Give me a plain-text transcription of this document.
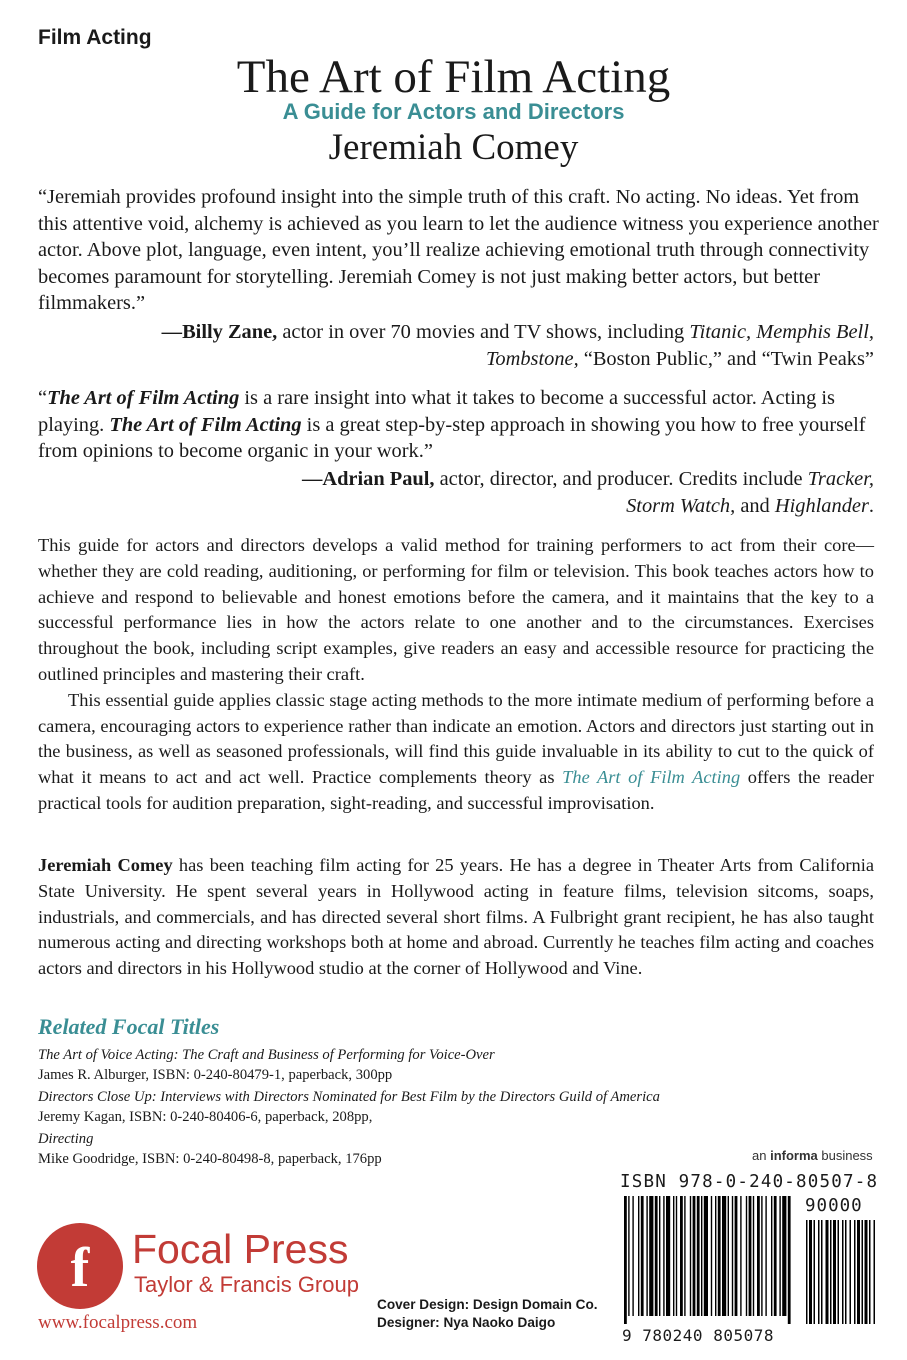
Film Acting
The Art of Film Acting
A Guide for Actors and Directors
Jeremiah Comey
“Jeremiah provides profound insight into the simple truth of this craft. No acting. No ideas. Yet from this attentive void, alchemy is achieved as you learn to let the audience witness you experience another actor. Above plot, language, even intent, you’ll realize achieving emotional truth through connectivity becomes paramount for storytelling. Jeremiah Comey is not just making better actors, but better filmmakers.”
—Billy Zane, actor in over 70 movies and TV shows, including Titanic, Memphis Bell,
Tombstone, “Boston Public,” and “Twin Peaks”
“The Art of Film Acting is a rare insight into what it takes to become a successful actor. Acting is playing. The Art of Film Acting is a great step-by-step approach in showing you how to free yourself from opinions to become organic in your work.”
—Adrian Paul, actor, director, and producer. Credits include Tracker,
Storm Watch, and Highlander.

This guide for actors and directors develops a valid method for training performers to act from their core—whether they are cold reading, auditioning, or performing for film or television. This book teaches actors how to achieve and respond to believable and honest emotions before the camera, and it maintains that the key to a successful performance lies in how the actors relate to one another and to the circumstances. Exercises throughout the book, including script examples, give readers an easy and accessible resource for practicing the outlined principles and mastering their craft.

This essential guide applies classic stage acting methods to the more intimate medium of performing before a camera, encouraging actors to experience rather than indicate an emotion. Actors and directors just starting out in the business, as well as seasoned professionals, will find this guide invaluable in its ability to cut to the quick of what it means to act and act well. Practice complements theory as The Art of Film Acting offers the reader practical tools for audition preparation, sight-reading, and successful improvisation.

Jeremiah Comey has been teaching film acting for 25 years. He has a degree in Theater Arts from California State University. He spent several years in Hollywood acting in feature films, television sitcoms, soaps, industrials, and commercials, and has directed several short films. A Fulbright grant recipient, he has also taught numerous acting and directing workshops both at home and abroad. Currently he teaches film acting and coaches actors and directors in his Hollywood studio at the corner of Hollywood and Vine.
Related Focal Titles
The Art of Voice Acting: The Craft and Business of Performing for Voice-Over
James R. Alburger, ISBN: 0-240-80479-1, paperback, 300pp
Directors Close Up: Interviews with Directors Nominated for Best Film by the Directors Guild of America
Jeremy Kagan, ISBN: 0-240-80406-6, paperback, 208pp,
Directing
Mike Goodridge, ISBN: 0-240-80498-8, paperback, 176pp	an informa business
ISBN 978-0-240-80507-8
90000
9 780240 805078
f Focal Press
Taylor & Francis Group
www.focalpress.com
Cover Design: Design Domain Co.
Designer: Nya Naoko Daigo
